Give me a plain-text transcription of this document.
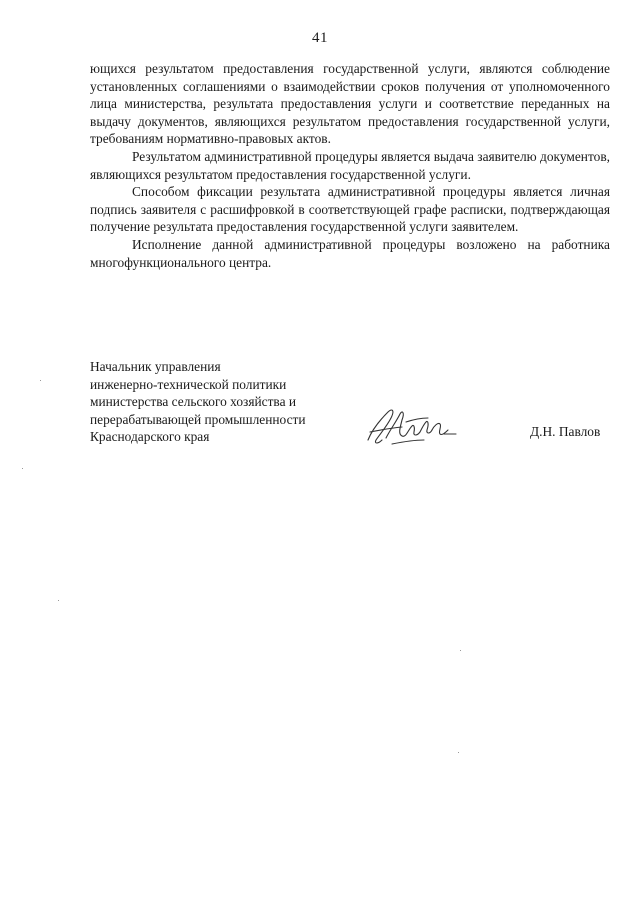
41

ющихся результатом предоставления государственной услуги, являются соблюдение установленных соглашениями о взаимодействии сроков получения от уполномоченного лица министерства, результата предоставления услуги и соответствие переданных на выдачу документов, являющихся результатом предоставления государственной услуги, требованиям нормативно-правовых актов.

Результатом административной процедуры является выдача заявителю документов, являющихся результатом предоставления государственной услуги.

Способом фиксации результата административной процедуры является личная подпись заявителя с расшифровкой в соответствующей графе расписки, подтверждающая получение результата предоставления государственной услуги заявителем.

Исполнение данной административной процедуры возложено на работника многофункционального центра.

Начальник управления
инженерно-технической политики
министерства сельского хозяйства и
перерабатывающей промышленности
Краснодарского края	Д.Н. Павлов
